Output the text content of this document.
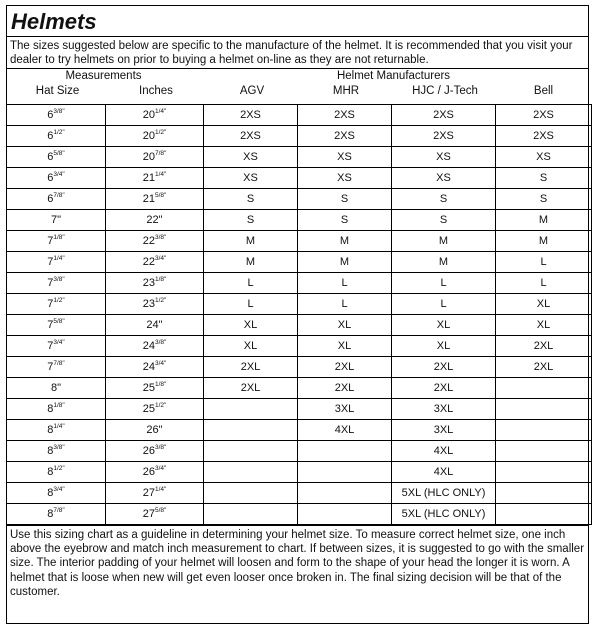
Helmets
The sizes suggested below are specific to the manufacture of the helmet. It is recommended that you visit your dealer to try helmets on prior to buying a helmet on-line as they are not returnable.
Measurements	Helmet Manufacturers
Hat Size	Inches	AGV	MHR	HJC / J-Tech	Bell
$6^{3/8"}$	$20^{1/4"}$	2XS	2XS	2XS	2XS
$6^{1/2"}$	$20^{1/2"}$	2XS	2XS	2XS	2XS
$6^{5/8"}$	$20^{7/8"}$	XS	XS	XS	XS
$6^{3/4"}$	$21^{1/4"}$	XS	XS	XS	S
$6^{7/8"}$	$21^{5/8"}$	S	S	S	S
7"	22"	S	S	S	M
$7^{1/8"}$	$22^{3/8"}$	M	M	M	M
$7^{1/4"}$	$22^{3/4"}$	M	M	M	L
$7^{3/8"}$	$23^{1/8"}$	L	L	L	L
$7^{1/2"}$	$23^{1/2"}$	L	L	L	XL
$7^{5/8"}$	24"	XL	XL	XL	XL
$7^{3/4"}$	$24^{3/8"}$	XL	XL	XL	2XL
$7^{7/8"}$	$24^{3/4"}$	2XL	2XL	2XL	2XL
8"	$25^{1/8"}$	2XL	2XL	2XL	
$8^{1/8"}$	$25^{1/2"}$		3XL	3XL	
$8^{1/4"}$	26"		4XL	3XL	
$8^{3/8"}$	$26^{3/8"}$			4XL	
$8^{1/2"}$	$26^{3/4"}$			4XL	
$8^{3/4"}$	$27^{1/4"}$			5XL (HLC ONLY)	
$8^{7/8"}$	$27^{5/8"}$			5XL (HLC ONLY)	
Use this sizing chart as a guideline in determining your helmet size. To measure correct helmet size, one inch above the eyebrow and match inch measurement to chart. If between sizes, it is suggested to go with the smaller size. The interior padding of your helmet will loosen and form to the shape of your head the longer it is worn. A helmet that is loose when new will get even looser once broken in. The final sizing decision will be that of the customer.
